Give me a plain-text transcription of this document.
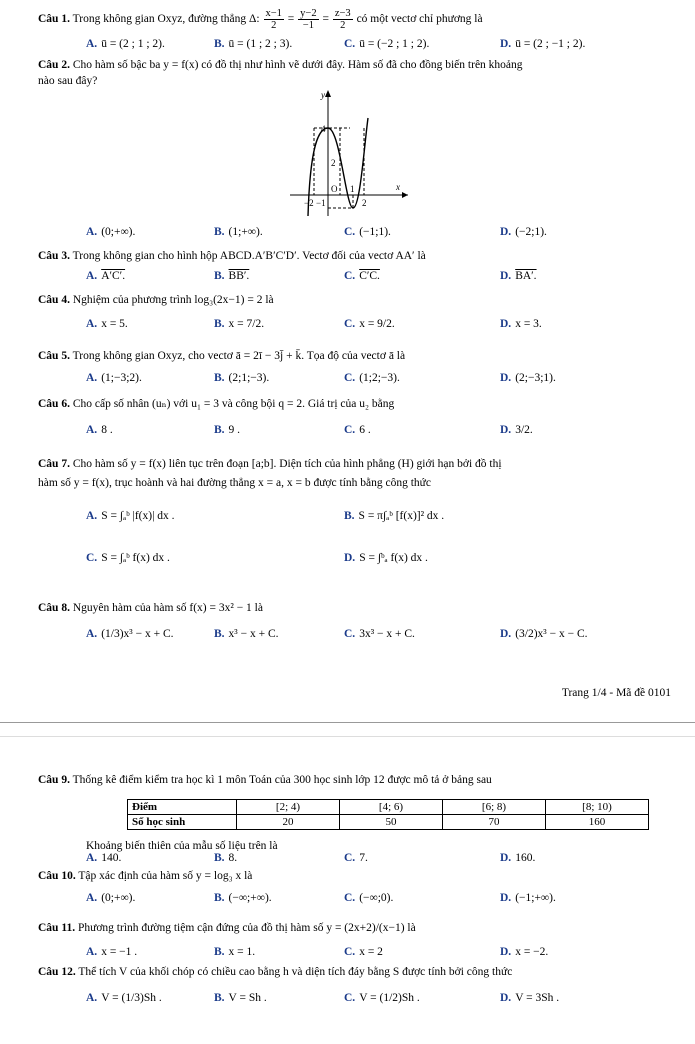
Câu 1. Trong không gian Oxyz, đường thẳng Δ: $\frac{x-1}{2} = \frac{y-2}{-1} = \frac{z-3}{2}$ có một vectơ chỉ phương là
A. ū = (2 ; 1 ; 2).	B. ū = (1 ; 2 ; 3).	C. ū = (−2 ; 1 ; 2).	D. ū = (2 ; −1 ; 2).
Câu 2. Cho hàm số bậc ba y = f(x) có đồ thị như hình vẽ dưới đây. Hàm số đã cho đồng biến trên khoảng
nào sau đây?
y
x
O
4
2
−2 −1
1
2
A. (0;+∞).	B. (1;+∞).	C. (−1;1).	D. (−2;1).
Câu 3. Trong không gian cho hình hộp ABCD.A′B′C′D′. Vectơ đối của vectơ AA′ là
A. A′C′.	B. BB′.	C. C′C.	D. BA′.
Câu 4. Nghiệm của phương trình log₃(2x−1) = 2 là
A. x = 5.	B. x = 7/2.	C. x = 9/2.	D. x = 3.
Câu 5. Trong không gian Oxyz, cho vectơ ā = 2ī − 3j̄ + k̄. Tọa độ của vectơ ā là
A. (1;−3;2).	B. (2;1;−3).	C. (1;2;−3).	D. (2;−3;1).
Câu 6. Cho cấp số nhân (uₙ) với u₁ = 3 và công bội q = 2. Giá trị của u₂ bằng
A. 8 .	B. 9 .	C. 6 .	D. 3/2.
Câu 7. Cho hàm số y = f(x) liên tục trên đoạn [a;b]. Diện tích của hình phẳng (H) giới hạn bởi đồ thị
hàm số y = f(x), trục hoành và hai đường thẳng x = a, x = b được tính bằng công thức
A. S = ∫ₐᵇ |f(x)| dx .	B. S = π∫ₐᵇ [f(x)]² dx .
C. S = ∫ₐᵇ f(x) dx .	D. S = ∫ᵇₐ f(x) dx .
Câu 8. Nguyên hàm của hàm số f(x) = 3x² − 1 là
A. (1/3)x³ − x + C.	B. x³ − x + C.	C. 3x³ − x + C.	D. (3/2)x³ − x − C.
Trang 1/4 - Mã đề 0101
Câu 9. Thống kê điểm kiểm tra học kì 1 môn Toán của 300 học sinh lớp 12 được mô tả ở bảng sau
Điểm	[2; 4)	[4; 6)	[6; 8)	[8; 10)
Số học sinh	20	50	70	160
Khoảng biến thiên của mẫu số liệu trên là
A. 140.	B. 8.	C. 7.	D. 160.
Câu 10. Tập xác định của hàm số y = log₃ x là
A. (0;+∞).	B. (−∞;+∞).	C. (−∞;0).	D. (−1;+∞).
Câu 11. Phương trình đường tiệm cận đứng của đồ thị hàm số y = (2x+2)/(x−1) là
A. x = −1 .	B. x = 1.	C. x = 2	D. x = −2.
Câu 12. Thể tích V của khối chóp có chiều cao bằng h và diện tích đáy bằng S được tính bởi công thức
A. V = (1/3)Sh .	B. V = Sh .	C. V = (1/2)Sh .	D. V = 3Sh .
